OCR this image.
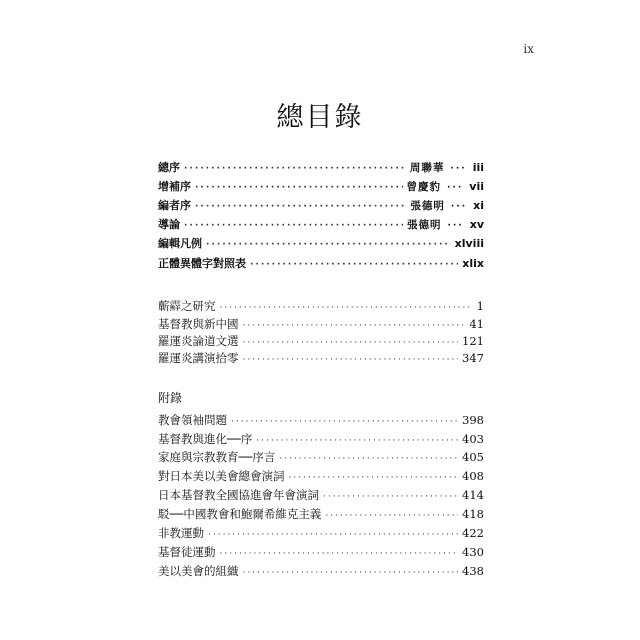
ix
總目錄
總序 ·····	周聯華 ··· iii
增補序 ·····	曾慶豹 ··· vii
編者序 ·····	張德明 ··· xi
導論 ·····	張德明 ··· xv
編輯凡例 ·····	xlviii
正體異體字對照表 ·····	xlix
蘄𩆵之研究 ·····	1
基督教與新中國 ·····	41
羅運炎論道文選 ·····	121
羅運炎講演拾零 ·····	347
附錄
教會領袖問題 ·····	398
基督教與進化──序 ·····	403
家庭與宗教教育──序言 ·····	405
對日本美以美會總會演詞 ·····	408
日本基督教全國協進會年會演詞 ·····	414
駁──中國教會和鮑爾希維克主義 ·····	418
非教運動 ·····	422
基督徒運動 ·····	430
美以美會的組織 ·····	438
